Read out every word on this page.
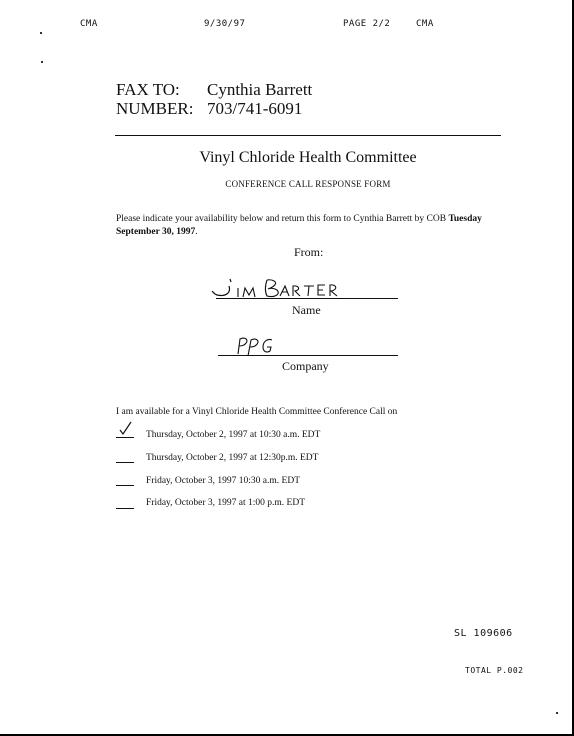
CMA	9/30/97	PAGE 2/2	CMA
FAX TO: Cynthia Barrett
NUMBER: 703/741-6091
Vinyl Chloride Health Committee
CONFERENCE CALL RESPONSE FORM
Please indicate your availability below and return this form to Cynthia Barrett by COB Tuesday September 30, 1997.
From:
Name
Company
I am available for a Vinyl Chloride Health Committee Conference Call on
Thursday, October 2, 1997 at 10:30 a.m. EDT
Thursday, October 2, 1997 at 12:30p.m. EDT
Friday, October 3, 1997 10:30 a.m. EDT
Friday, October 3, 1997 at 1:00 p.m. EDT
SL 109606
TOTAL P.002
